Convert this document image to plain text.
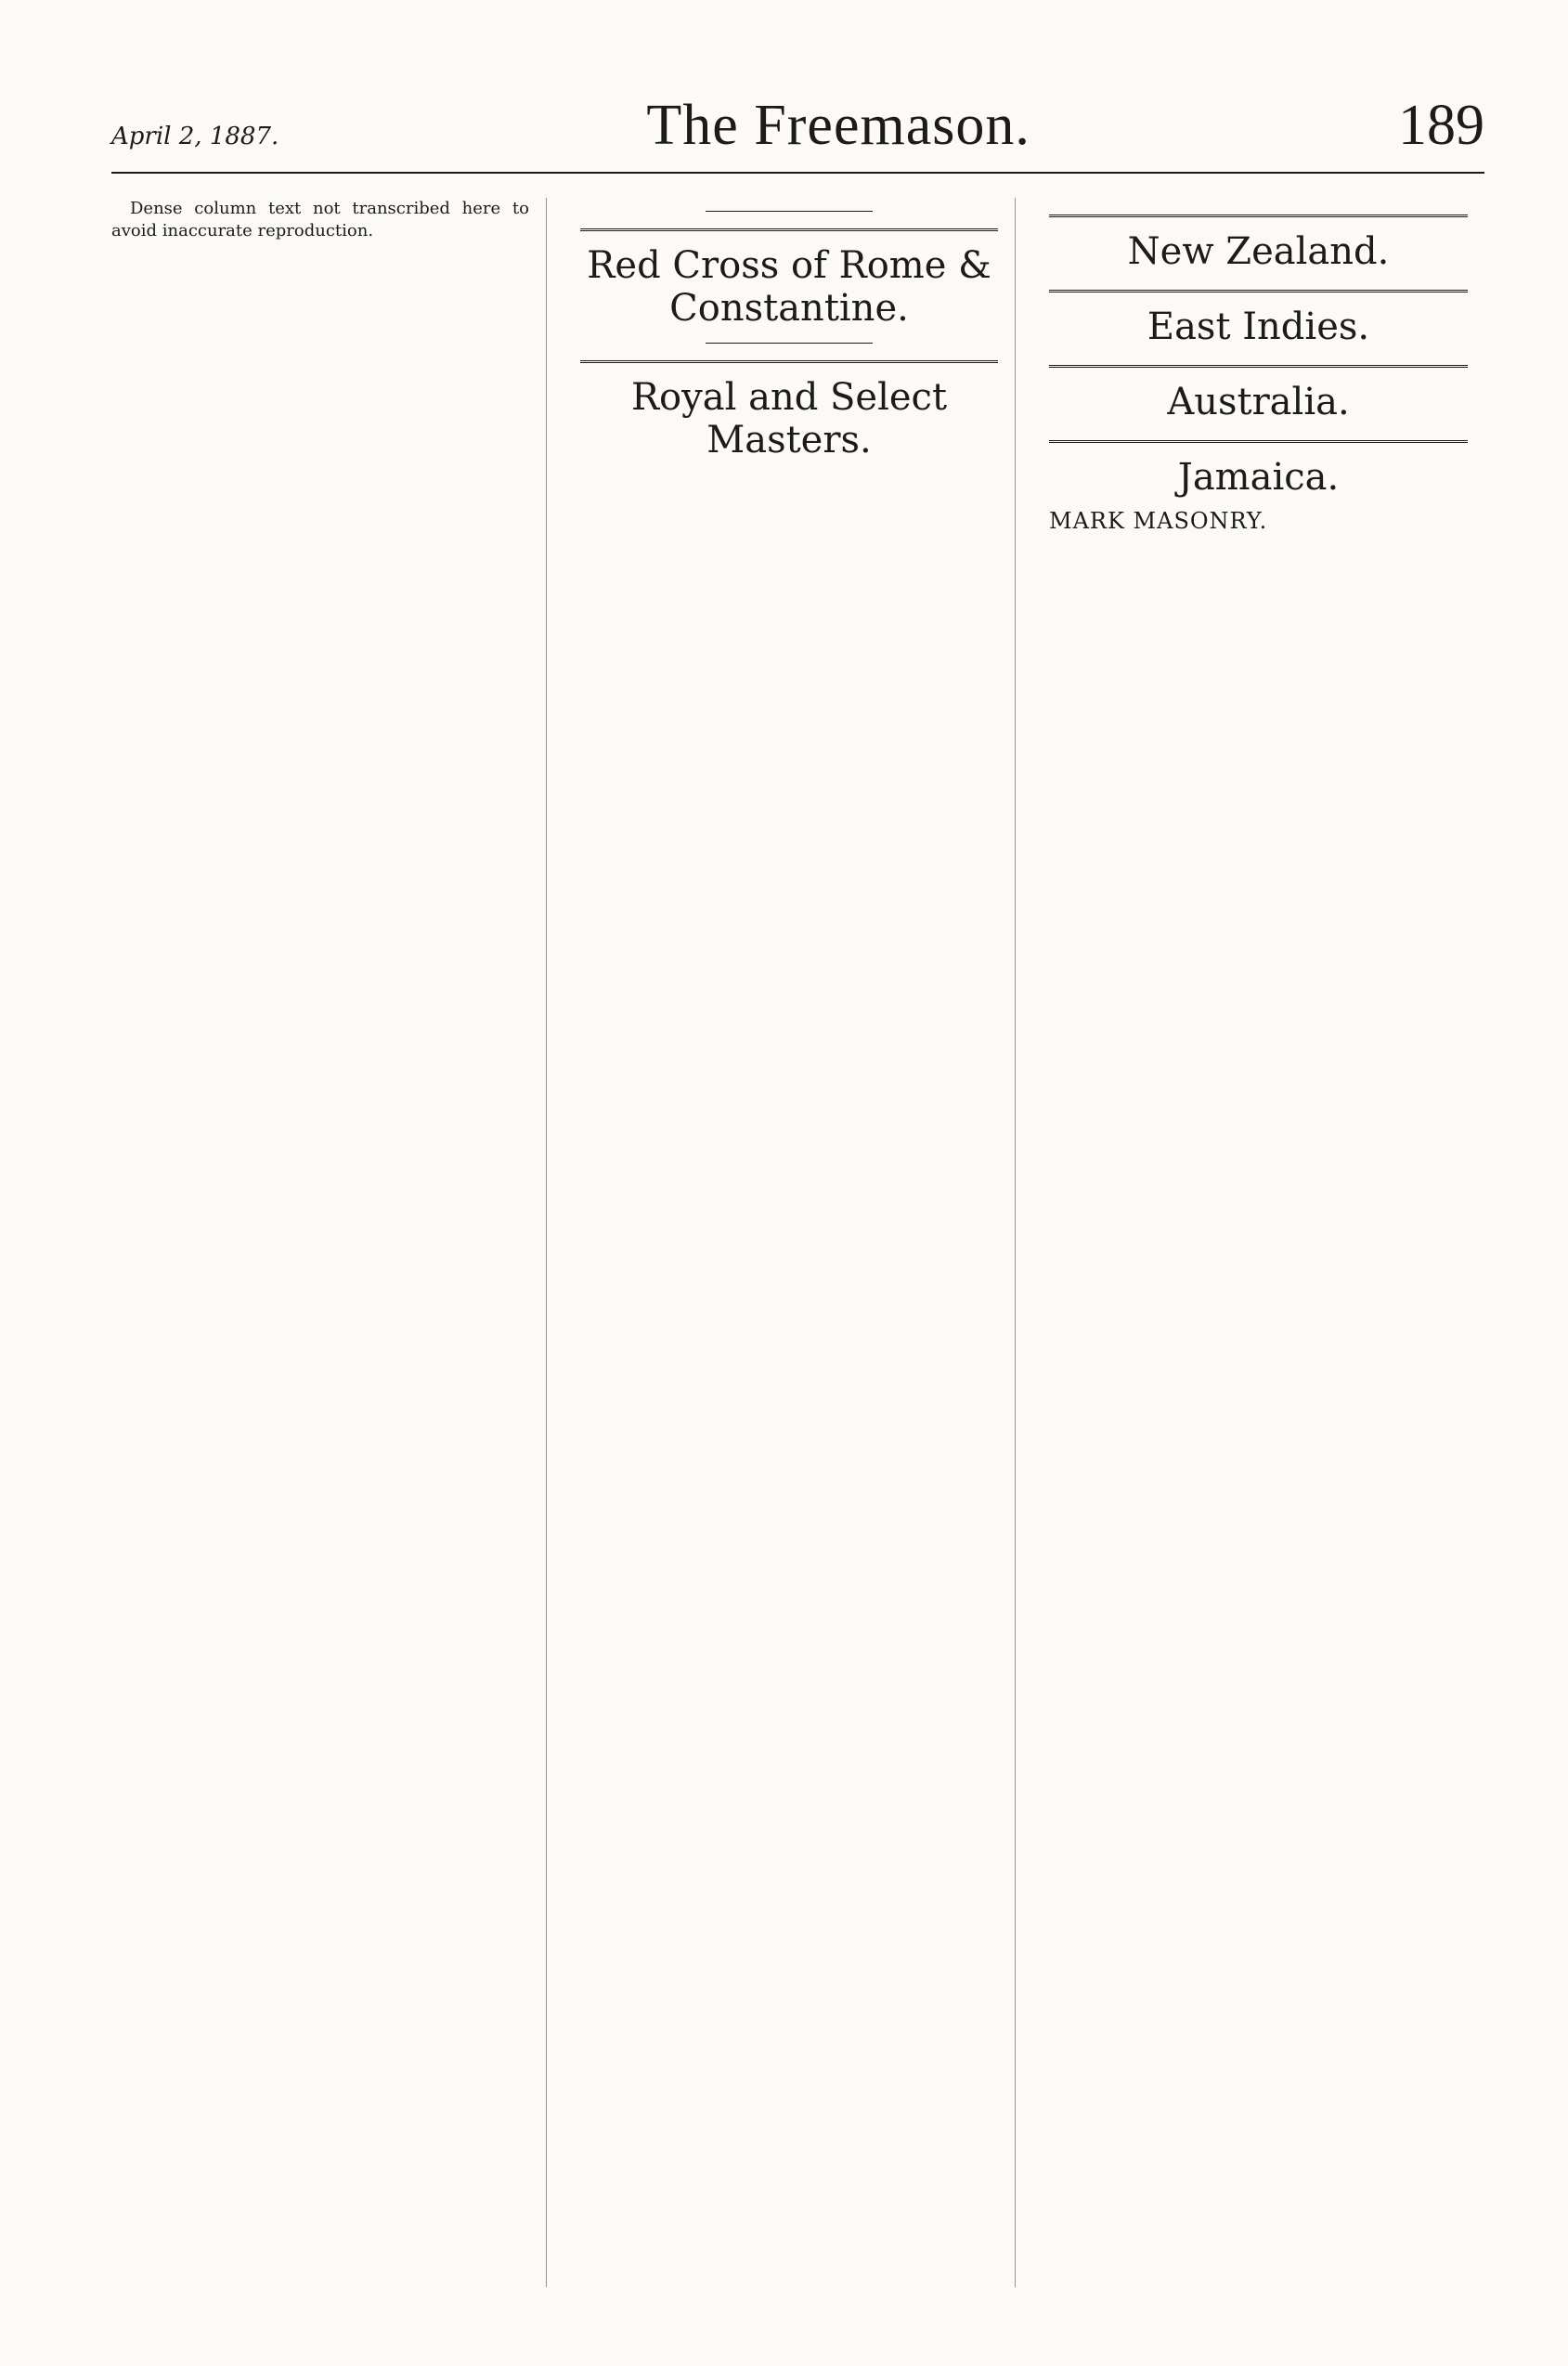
April 2, 1887.	The Freemason.	189

Dense column text not transcribed here to avoid inaccurate reproduction.

Red Cross of Rome & Constantine.
Royal and Select Masters.
New Zealand.
East Indies.
Australia.
Jamaica.
MARK MASONRY.
